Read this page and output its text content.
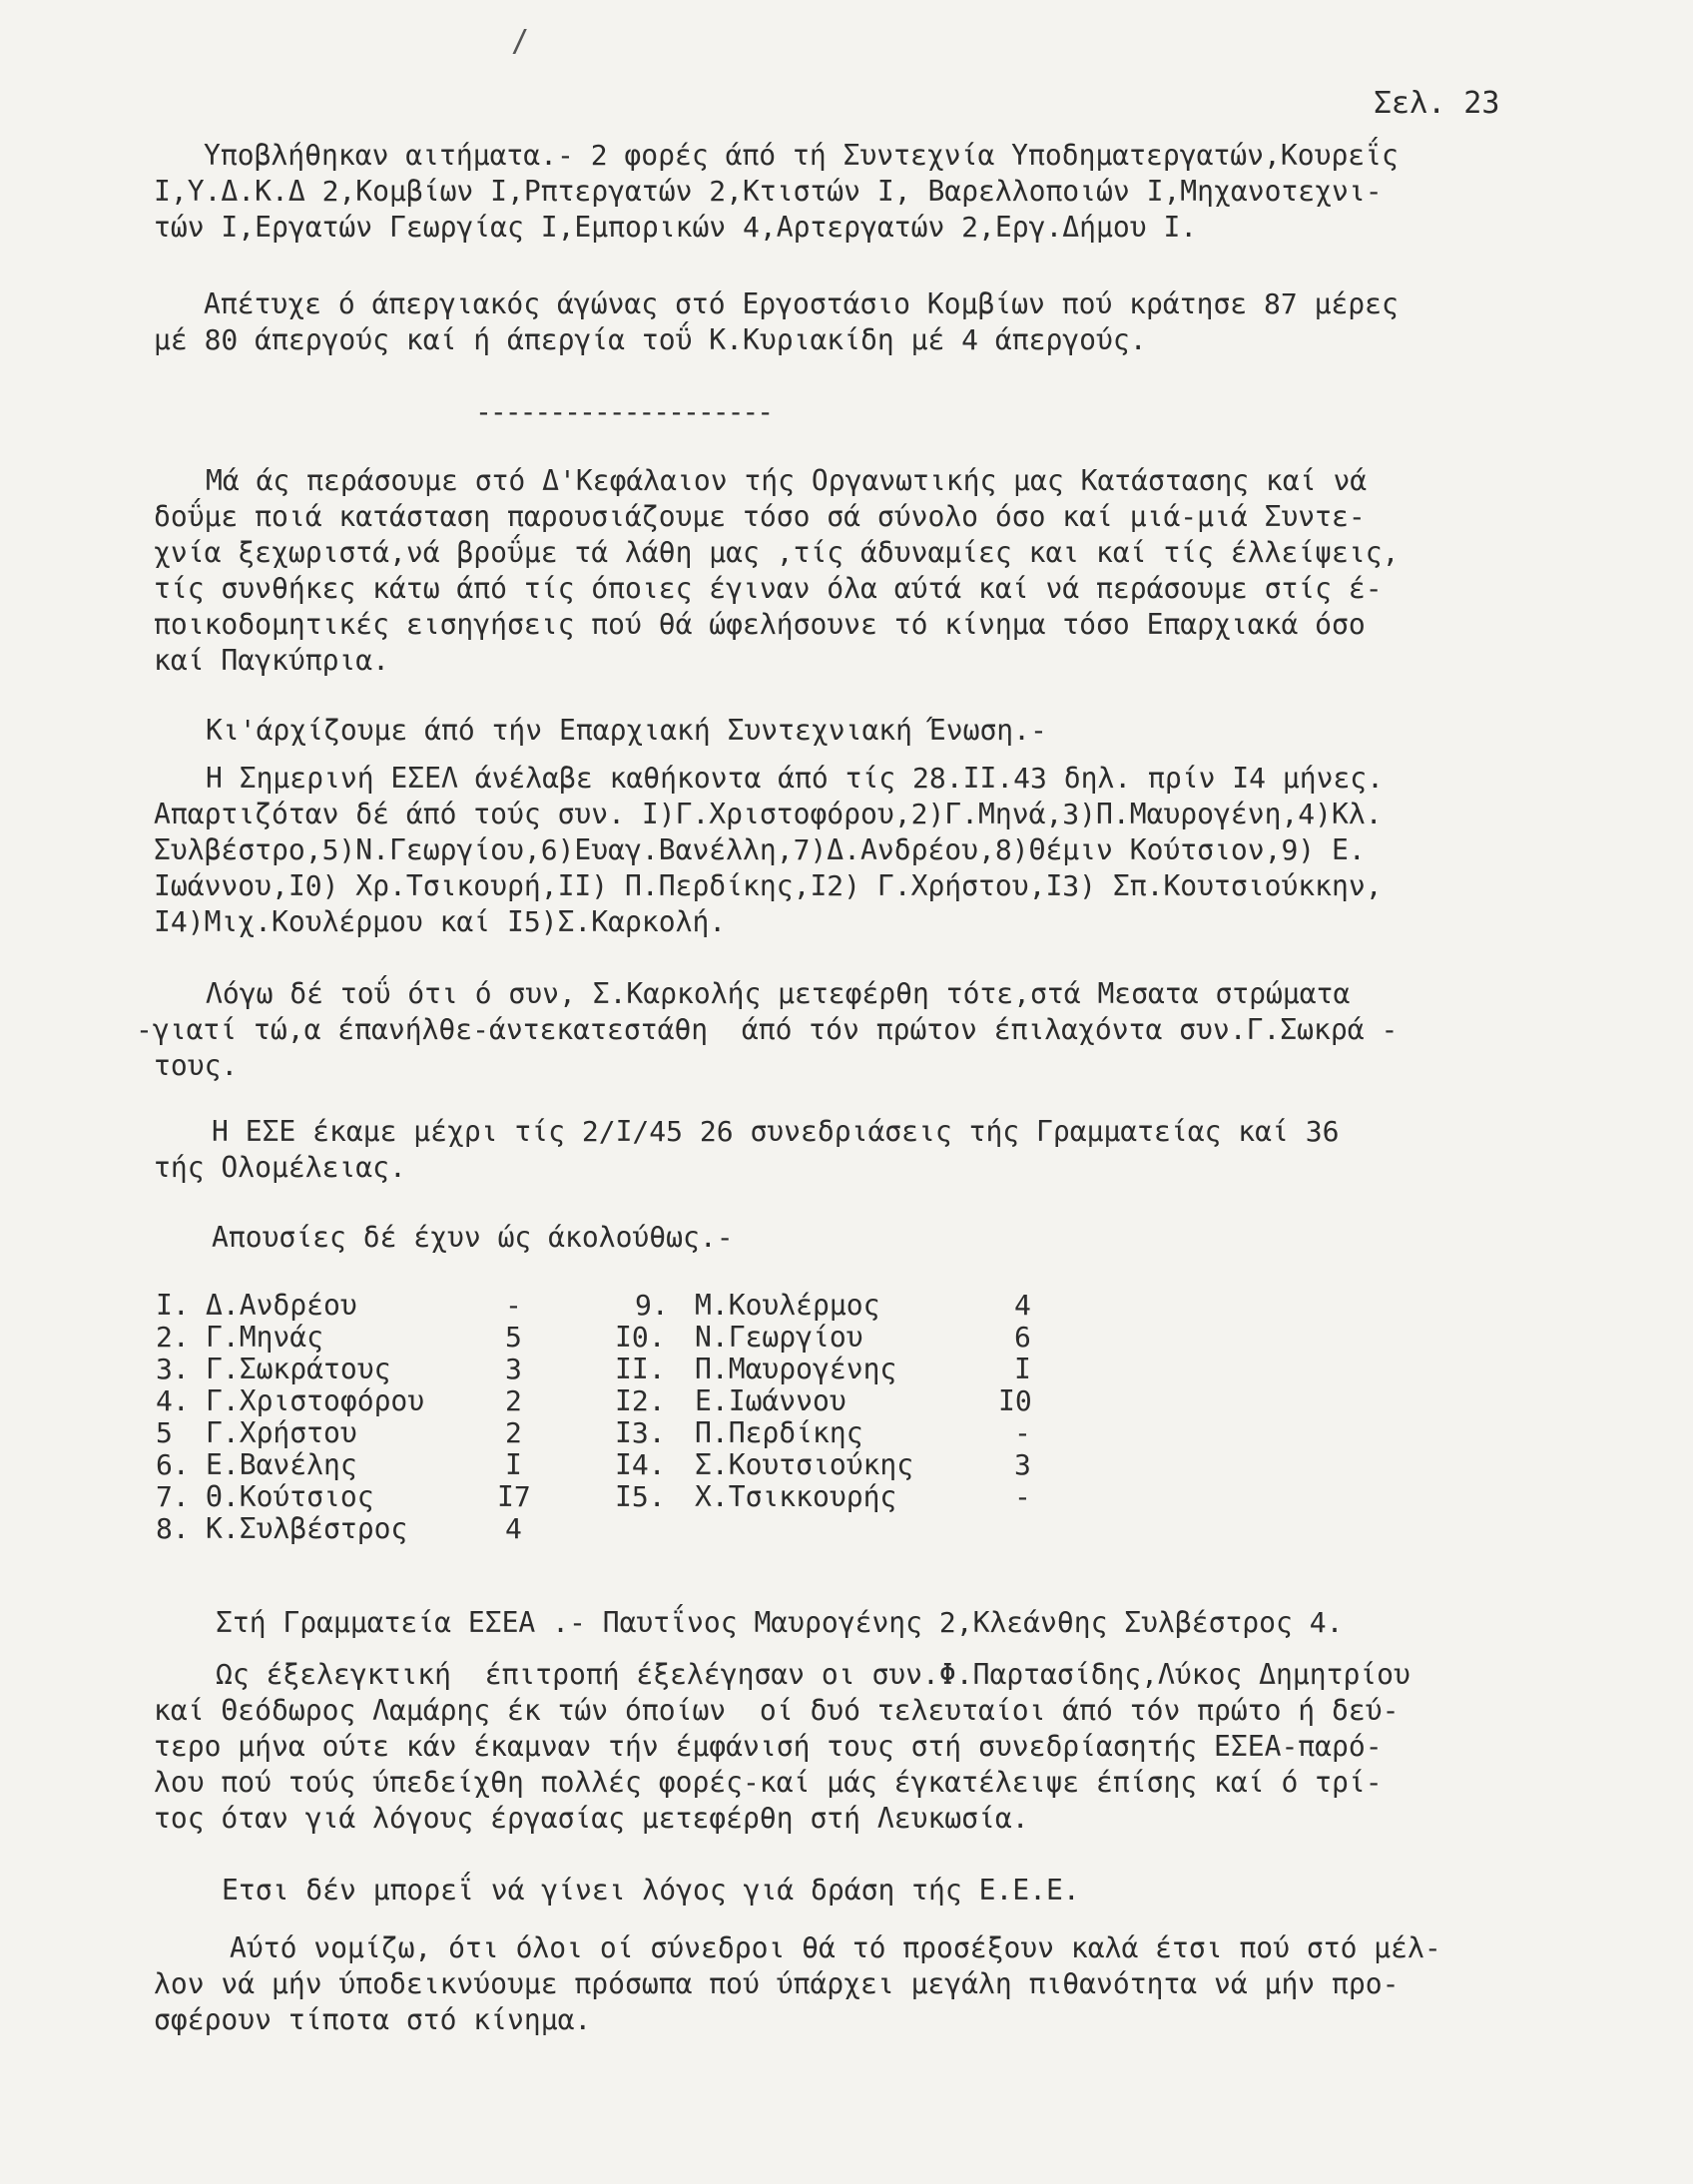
/
Σελ. 23
Υποβλήθηκαν αιτήματα.- 2 φορές άπό τή Συντεχνία Υποδηματεργατών,Κουρεΐς
Ι,Υ.Δ.Κ.Δ 2,Κομβίων Ι,Ρπτεργατών 2,Κτιστών Ι, Βαρελλοποιών Ι,Μηχανοτεχνι-
τών Ι,Εργατών Γεωργίας Ι,Εμπορικών 4,Αρτεργατών 2,Εργ.Δήμου Ι.
Απέτυχε ό άπεργιακός άγώνας στό Εργοστάσιο Κομβίων πού κράτησε 87 μέρες
μέ 80 άπεργούς καί ή άπεργία τοΰ Κ.Κυριακίδη μέ 4 άπεργούς.
--------------------
Μά άς περάσουμε στό Δ'Κεφάλαιον τής Οργανωτικής μας Κατάστασης καί νά
δοΰμε ποιά κατάσταση παρουσιάζουμε τόσο σά σύνολο όσο καί μιά-μιά Συντε-
χνία ξεχωριστά,νά βροΰμε τά λάθη μας ,τίς άδυναμίες και καί τίς έλλείψεις,
τίς συνθήκες κάτω άπό τίς όποιες έγιναν όλα αύτά καί νά περάσουμε στίς έ-
ποικοδομητικές εισηγήσεις πού θά ώφελήσουνε τό κίνημα τόσο Επαρχιακά όσο
καί Παγκύπρια.
Κι'άρχίζουμε άπό τήν Επαρχιακή Συντεχνιακή Ένωση.-
Η Σημερινή ΕΣΕΛ άνέλαβε καθήκοντα άπό τίς 28.ΙΙ.43 δηλ. πρίν Ι4 μήνες.
Απαρτιζόταν δέ άπό τούς συν. Ι)Γ.Χριστοφόρου,2)Γ.Μηνά,3)Π.Μαυρογένη,4)Κλ.
Συλβέστρο,5)Ν.Γεωργίου,6)Ευαγ.Βανέλλη,7)Δ.Ανδρέου,8)Θέμιν Κούτσιον,9) Ε.
Ιωάννου,Ι0) Χρ.Τσικουρή,ΙΙ) Π.Περδίκης,Ι2) Γ.Χρήστου,Ι3) Σπ.Κουτσιούκκην,
Ι4)Μιχ.Κουλέρμου καί Ι5)Σ.Καρκολή.
Λόγω δέ τοΰ ότι ό συν, Σ.Καρκολής μετεφέρθη τότε,στά Μεσατα στρώματα
-γιατί τώ,α έπανήλθε-άντεκατεστάθη  άπό τόν πρώτον έπιλαχόντα συν.Γ.Σωκρά -
τους.
Η ΕΣΕ έκαμε μέχρι τίς 2/Ι/45 26 συνεδριάσεις τής Γραμματείας καί 36
τής Ολομέλειας.
Απουσίες δέ έχυν ώς άκολούθως.-
Ι. Δ.Ανδρέου	-
2. Γ.Μηνάς	5
3. Γ.Σωκράτους	3
4. Γ.Χριστοφόρου	2
5 Γ.Χρήστου	2
6. Ε.Βανέλης	Ι
7. Θ.Κούτσιος	Ι7
8. Κ.Συλβέστρος	4
9. Μ.Κουλέρμος	4
Ι0. Ν.Γεωργίου	6
ΙΙ. Π.Μαυρογένης	Ι
Ι2. Ε.Ιωάννου	Ι0
Ι3. Π.Περδίκης	-
Ι4. Σ.Κουτσιούκης	3
Ι5. Χ.Τσικκουρής	-
Στή Γραμματεία ΕΣΕΑ .- Παυτΐνος Μαυρογένης 2,Κλεάνθης Συλβέστρος 4.
Ως έξελεγκτική  έπιτροπή έξελέγησαν οι συν.Φ.Παρτασίδης,Λύκος Δημητρίου
καί Θεόδωρος Λαμάρης έκ τών όποίων  οί δυό τελευταίοι άπό τόν πρώτο ή δεύ-
τερο μήνα ούτε κάν έκαμναν τήν έμφάνισή τους στή συνεδρίασητής ΕΣΕΑ-παρό-
λου πού τούς ύπεδείχθη πολλές φορές-καί μάς έγκατέλειψε έπίσης καί ό τρί-
τος όταν γιά λόγους έργασίας μετεφέρθη στή Λευκωσία.
Ετσι δέν μπορεΐ νά γίνει λόγος γιά δράση τής Ε.Ε.Ε.
Αύτό νομίζω, ότι όλοι οί σύνεδροι θά τό προσέξουν καλά έτσι πού στό μέλ-
λον νά μήν ύποδεικνύουμε πρόσωπα πού ύπάρχει μεγάλη πιθανότητα νά μήν προ-
σφέρουν τίποτα στό κίνημα.
